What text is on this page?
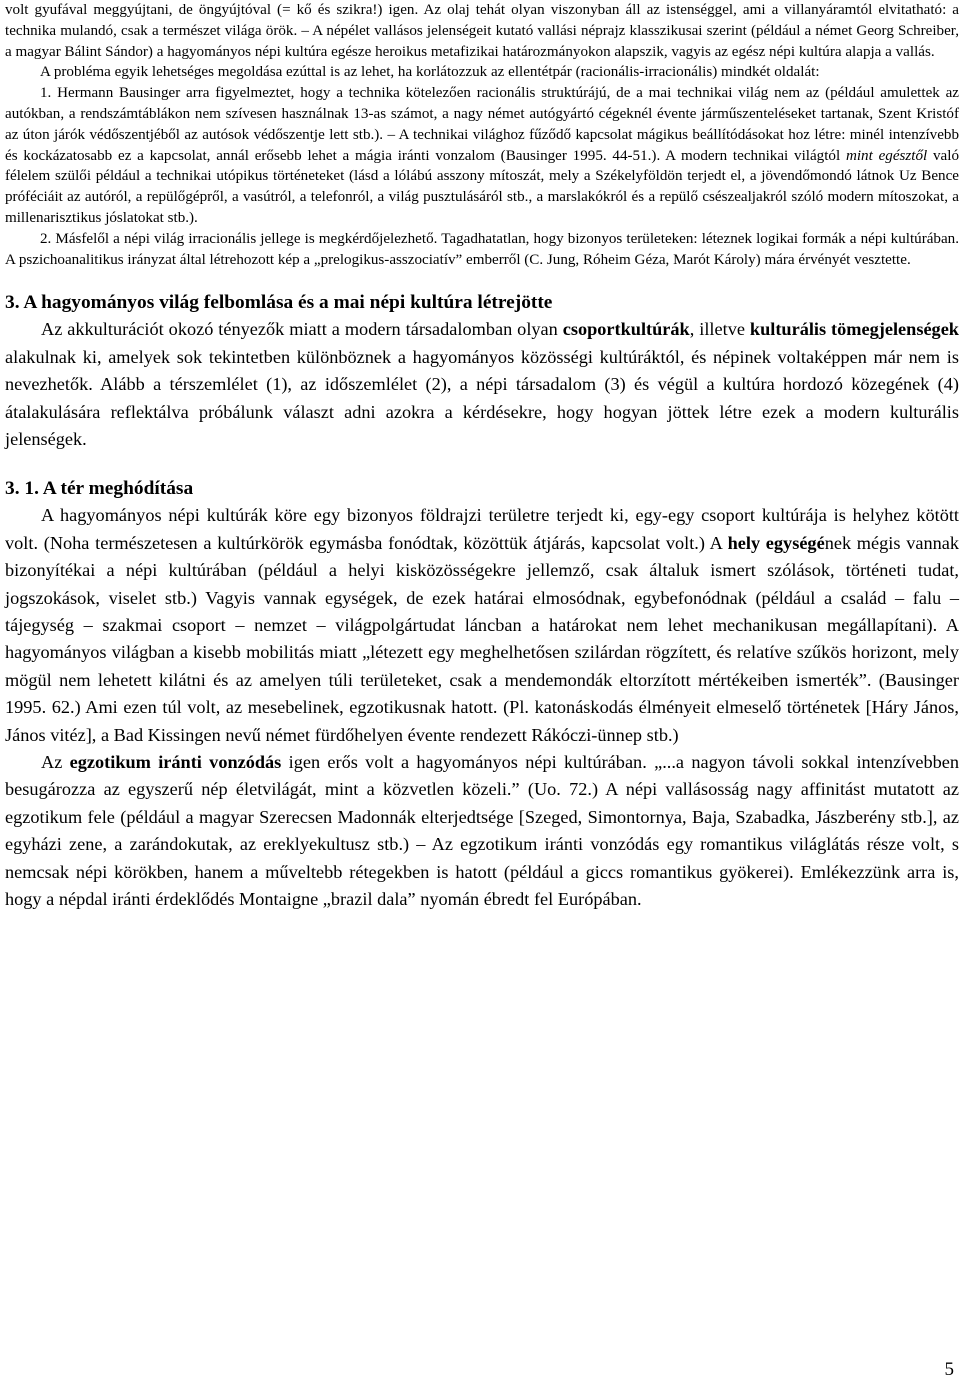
volt gyufával meggyújtani, de öngyújtóval (= kő és szikra!) igen. Az olaj tehát olyan viszonyban áll az istenséggel, ami a villanyáramtól elvitatható: a technika mulandó, csak a természet világa örök. – A népélet vallásos jelenségeit kutató vallási néprajz klasszikusai szerint (például a német Georg Schreiber, a magyar Bálint Sándor) a hagyományos népi kultúra egésze heroikus metafizikai határozmányokon alapszik, vagyis az egész népi kultúra alapja a vallás.

A probléma egyik lehetséges megoldása ezúttal is az lehet, ha korlátozzuk az ellentétpár (racionális-irracionális) mindkét oldalát:

1. Hermann Bausinger arra figyelmeztet, hogy a technika kötelezően racionális struktúrájú, de a mai technikai világ nem az (például amulettek az autókban, a rendszámtáblákon nem szívesen használnak 13-as számot, a nagy német autógyártó cégeknél évente járműszenteléseket tartanak, Szent Kristóf az úton járók védőszentjéből az autósok védőszentje lett stb.). – A technikai világhoz fűződő kapcsolat mágikus beállítódásokat hoz létre: minél intenzívebb és kockázatosabb ez a kapcsolat, annál erősebb lehet a mágia iránti vonzalom (Bausinger 1995. 44-51.). A modern technikai világtól mint egésztől való félelem szülői például a technikai utópikus történeteket (lásd a lólábú asszony mítoszát, mely a Székelyföldön terjedt el, a jövendőmondó látnok Uz Bence próféciáit az autóról, a repülőgépről, a vasútról, a telefonról, a világ pusztulásáról stb., a marslakókról és a repülő csészealjakról szóló modern mítoszokat, a millenarisztikus jóslatokat stb.).

2. Másfelől a népi világ irracionális jellege is megkérdőjelezhető. Tagadhatatlan, hogy bizonyos területeken: léteznek logikai formák a népi kultúrában. A pszichoanalitikus irányzat által létrehozott kép a „prelogikus-asszociatív” emberről (C. Jung, Róheim Géza, Marót Károly) mára érvényét vesztette.

3. A hagyományos világ felbomlása és a mai népi kultúra létrejötte

Az akkulturációt okozó tényezők miatt a modern társadalomban olyan csoportkultúrák, illetve kulturális tömegjelenségek alakulnak ki, amelyek sok tekintetben különböznek a hagyományos közösségi kultúráktól, és népinek voltaképpen már nem is nevezhetők. Alább a térszemlélet (1), az időszemlélet (2), a népi társadalom (3) és végül a kultúra hordozó közegének (4) átalakulására reflektálva próbálunk választ adni azokra a kérdésekre, hogy hogyan jöttek létre ezek a modern kulturális jelenségek.

3. 1. A tér meghódítása

A hagyományos népi kultúrák köre egy bizonyos földrajzi területre terjedt ki, egy-egy csoport kultúrája is helyhez kötött volt. (Noha természetesen a kultúrkörök egymásba fonódtak, közöttük átjárás, kapcsolat volt.) A hely egységének mégis vannak bizonyítékai a népi kultúrában (például a helyi kisközösségekre jellemző, csak általuk ismert szólások, történeti tudat, jogszokások, viselet stb.) Vagyis vannak egységek, de ezek határai elmosódnak, egybefonódnak (például a család – falu – tájegység – szakmai csoport – nemzet – világpolgártudat láncban a határokat nem lehet mechanikusan megállapítani). A hagyományos világban a kisebb mobilitás miatt „létezett egy meghelhetősen szilárdan rögzített, és relatíve szűkös horizont, mely mögül nem lehetett kilátni és az amelyen túli területeket, csak a mendemondák eltorzított mértékeiben ismerték”. (Bausinger 1995. 62.) Ami ezen túl volt, az mesebelinek, egzotikusnak hatott. (Pl. katonáskodás élményeit elmeselő történetek [Háry János, János vitéz], a Bad Kissingen nevű német fürdőhelyen évente rendezett Rákóczi-ünnep stb.)

Az egzotikum iránti vonzódás igen erős volt a hagyományos népi kultúrában. „...a nagyon távoli sokkal intenzívebben besugározza az egyszerű nép életvilágát, mint a közvetlen közeli.” (Uo. 72.) A népi vallásosság nagy affinitást mutatott az egzotikum fele (például a magyar Szerecsen Madonnák elterjedtsége [Szeged, Simontornya, Baja, Szabadka, Jászberény stb.], az egyházi zene, a zarándokutak, az ereklyekultusz stb.) – Az egzotikum iránti vonzódás egy romantikus világlátás része volt, s nemcsak népi körökben, hanem a műveltebb rétegekben is hatott (például a giccs romantikus gyökerei). Emlékezzünk arra is, hogy a népdal iránti érdeklődés Montaigne „brazil dala” nyomán ébredt fel Európában.

5
